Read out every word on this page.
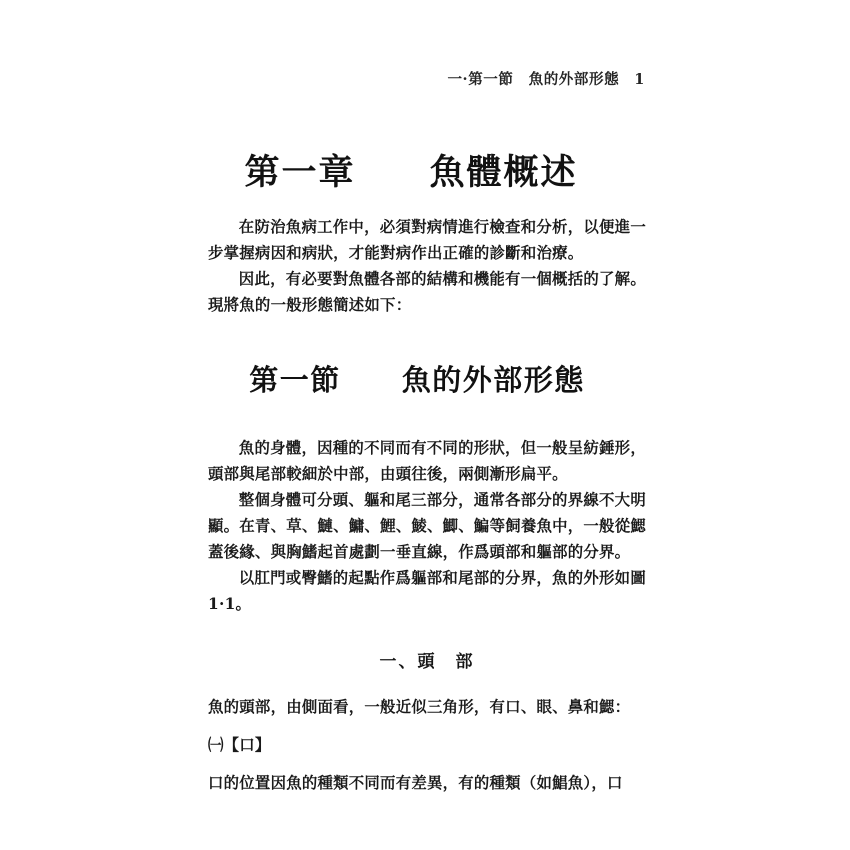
一·第一節　魚的外部形態　1
第一章　　魚體概述

在防治魚病工作中，必須對病情進行檢查和分析，以便進一步掌握病因和病狀，才能對病作出正確的診斷和治療。

因此，有必要對魚體各部的結構和機能有一個概括的了解。現將魚的一般形態簡述如下：

第一節　　魚的外部形態

魚的身體，因種的不同而有不同的形狀，但一般呈紡錘形，頭部與尾部較細於中部，由頭往後，兩側漸形扁平。

整個身體可分頭、軀和尾三部分，通常各部分的界線不大明顯。在青、草、鰱、鱅、鯉、鯪、鯽、鯿等飼養魚中，一般從鰓蓋後緣、與胸鰭起首處劃一垂直線，作爲頭部和軀部的分界。

以肛門或臀鰭的起點作爲軀部和尾部的分界，魚的外形如圖1·1。

一、頭　部

魚的頭部，由側面看，一般近似三角形，有口、眼、鼻和鰓：

㈠【口】

口的位置因魚的種類不同而有差異，有的種類（如鯧魚），口
